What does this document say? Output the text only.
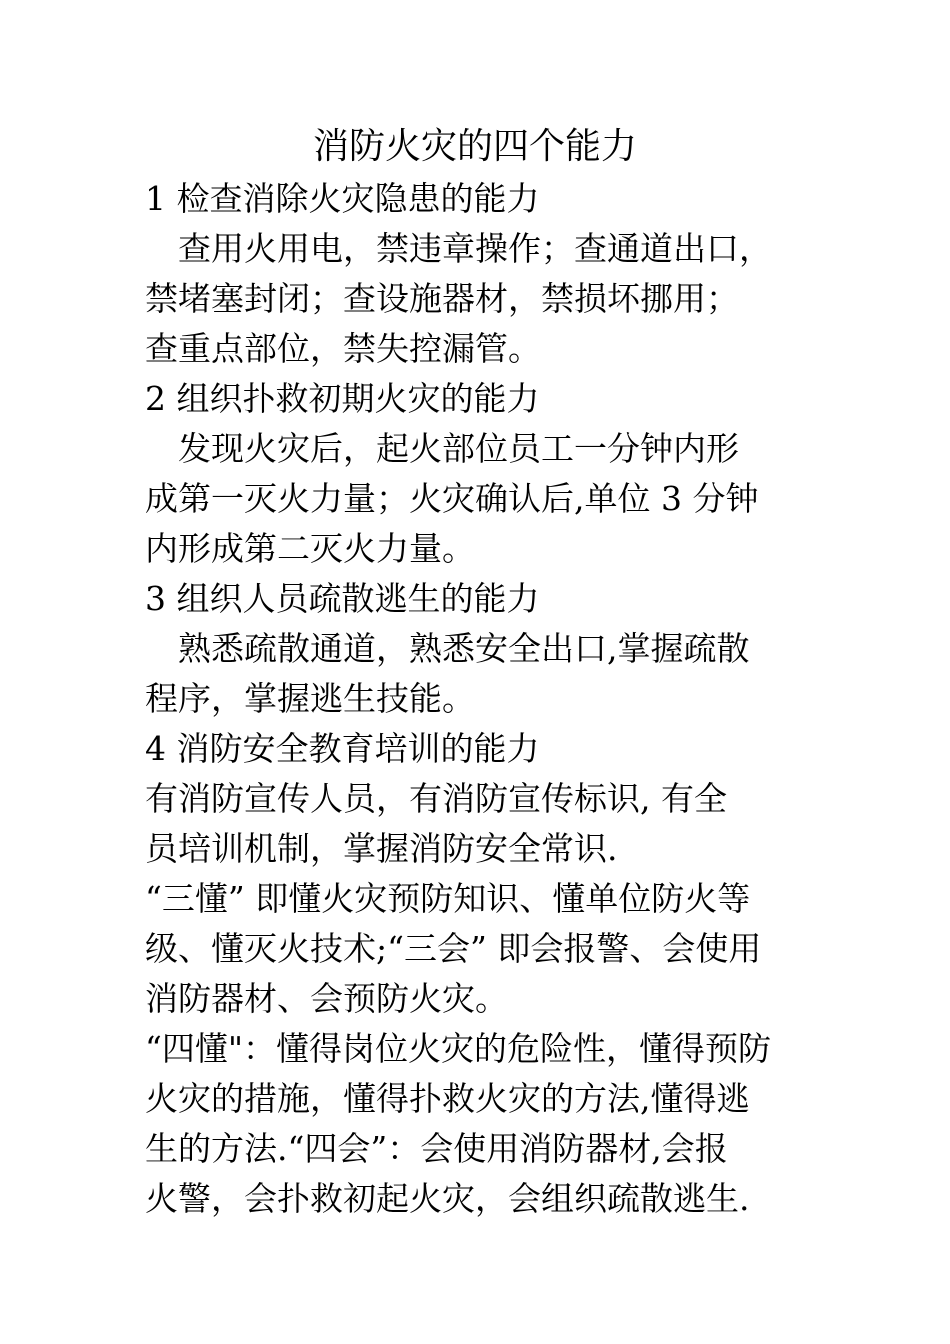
消防火灾的四个能力
1 检查消除火灾隐患的能力
　查用火用电，禁违章操作；查通道出口，
禁堵塞封闭；查设施器材，禁损坏挪用；
查重点部位，禁失控漏管。
2 组织扑救初期火灾的能力
　发现火灾后，起火部位员工一分钟内形
成第一灭火力量；火灾确认后,单位 3 分钟
内形成第二灭火力量。
3 组织人员疏散逃生的能力
　熟悉疏散通道，熟悉安全出口,掌握疏散
程序，掌握逃生技能。
4 消防安全教育培训的能力
有消防宣传人员，有消防宣传标识, 有全
员培训机制，掌握消防安全常识.
“三懂” 即懂火灾预防知识、懂单位防火等
级、懂灭火技术;“三会” 即会报警、会使用
消防器材、会预防火灾。
“四懂"：懂得岗位火灾的危险性，懂得预防
火灾的措施，懂得扑救火灾的方法,懂得逃
生的方法.“四会”：会使用消防器材,会报
火警，会扑救初起火灾，会组织疏散逃生.
